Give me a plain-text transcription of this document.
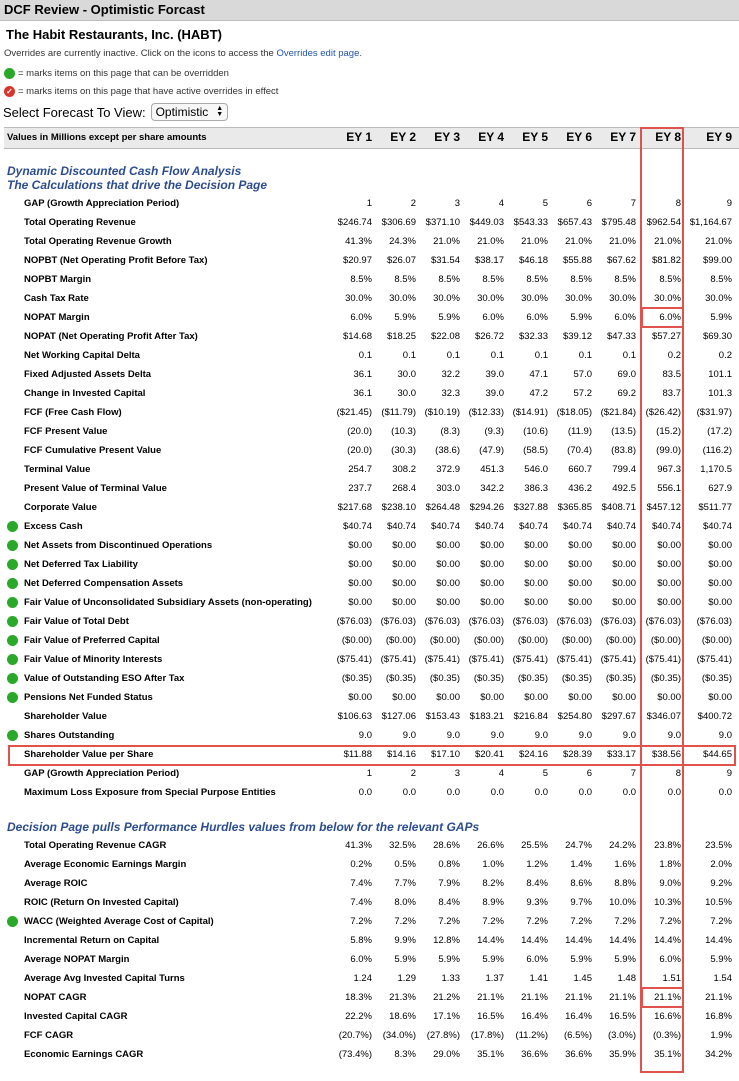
DCF Review - Optimistic Forcast
The Habit Restaurants, Inc. (HABT)
Overrides are currently inactive. Click on the icons to access the Overrides edit page.
= marks items on this page that can be overridden
✓ = marks items on this page that have active overrides in effect
Select Forecast To View: Optimistic ▲
▼
Values in Millions except per share amounts	EY 1	EY 2	EY 3	EY 4	EY 5	EY 6	EY 7	EY 8	EY 9
Dynamic Discounted Cash Flow Analysis
The Calculations that drive the Decision Page
Decision Page pulls Performance Hurdles values from below for the relevant GAPs
GAP (Growth Appreciation Period)	1	2	3	4	5	6	7	8	9
Total Operating Revenue	$246.74	$306.69	$371.10	$449.03	$543.33	$657.43	$795.48	$962.54 $1,164.67
Total Operating Revenue Growth	41.3%	24.3%	21.0%	21.0%	21.0%	21.0%	21.0%	21.0%	21.0%
NOPBT (Net Operating Profit Before Tax)	$20.97	$26.07	$31.54	$38.17	$46.18	$55.88	$67.62	$81.82	$99.00
NOPBT Margin	8.5%	8.5%	8.5%	8.5%	8.5%	8.5%	8.5%	8.5%	8.5%
Cash Tax Rate	30.0%	30.0%	30.0%	30.0%	30.0%	30.0%	30.0%	30.0%	30.0%
NOPAT Margin	6.0%	5.9%	5.9%	6.0%	6.0%	5.9%	6.0%	6.0%	5.9%
NOPAT (Net Operating Profit After Tax)	$14.68	$18.25	$22.08	$26.72	$32.33	$39.12	$47.33	$57.27	$69.30
Net Working Capital Delta	0.1	0.1	0.1	0.1	0.1	0.1	0.1	0.2	0.2
Fixed Adjusted Assets Delta	36.1	30.0	32.2	39.0	47.1	57.0	69.0	83.5	101.1
Change in Invested Capital	36.1	30.0	32.3	39.0	47.2	57.2	69.2	83.7	101.3
FCF (Free Cash Flow)	($21.45) ($11.79) ($10.19) ($12.33) ($14.91) ($18.05) ($21.84)	($26.42)	($31.97)
FCF Present Value	(20.0)	(10.3)	(8.3)	(9.3)	(10.6)	(11.9)	(13.5)	(15.2)	(17.2)
FCF Cumulative Present Value	(20.0)	(30.3)	(38.6)	(47.9)	(58.5)	(70.4)	(83.8)	(99.0)	(116.2)
Terminal Value	254.7	308.2	372.9	451.3	546.0	660.7	799.4	967.3	1,170.5
Present Value of Terminal Value	237.7	268.4	303.0	342.2	386.3	436.2	492.5	556.1	627.9
Corporate Value	$217.68	$238.10	$264.48	$294.26	$327.88	$365.85	$408.71	$457.12	$511.77
Excess Cash	$40.74	$40.74	$40.74	$40.74	$40.74	$40.74	$40.74	$40.74	$40.74
Net Assets from Discontinued Operations	$0.00	$0.00	$0.00	$0.00	$0.00	$0.00	$0.00	$0.00	$0.00
Net Deferred Tax Liability	$0.00	$0.00	$0.00	$0.00	$0.00	$0.00	$0.00	$0.00	$0.00
Net Deferred Compensation Assets	$0.00	$0.00	$0.00	$0.00	$0.00	$0.00	$0.00	$0.00	$0.00
Fair Value of Unconsolidated Subsidiary Assets (non-operating)	$0.00	$0.00	$0.00	$0.00	$0.00	$0.00	$0.00	$0.00	$0.00
Fair Value of Total Debt	($76.03) ($76.03) ($76.03) ($76.03) ($76.03) ($76.03) ($76.03)	($76.03)	($76.03)
Fair Value of Preferred Capital	($0.00)	($0.00)	($0.00)	($0.00)	($0.00)	($0.00)	($0.00)	($0.00)	($0.00)
Fair Value of Minority Interests	($75.41) ($75.41) ($75.41) ($75.41) ($75.41) ($75.41) ($75.41)	($75.41)	($75.41)
Value of Outstanding ESO After Tax	($0.35)	($0.35)	($0.35)	($0.35)	($0.35)	($0.35)	($0.35)	($0.35)	($0.35)
Pensions Net Funded Status	$0.00	$0.00	$0.00	$0.00	$0.00	$0.00	$0.00	$0.00	$0.00
Shareholder Value	$106.63	$127.06	$153.43	$183.21	$216.84	$254.80	$297.67	$346.07	$400.72
Shares Outstanding	9.0	9.0	9.0	9.0	9.0	9.0	9.0	9.0	9.0
Shareholder Value per Share	$11.88	$14.16	$17.10	$20.41	$24.16	$28.39	$33.17	$38.56	$44.65
GAP (Growth Appreciation Period)	1	2	3	4	5	6	7	8	9
Maximum Loss Exposure from Special Purpose Entities	0.0	0.0	0.0	0.0	0.0	0.0	0.0	0.0	0.0
Total Operating Revenue CAGR	41.3%	32.5%	28.6%	26.6%	25.5%	24.7%	24.2%	23.8%	23.5%
Average Economic Earnings Margin	0.2%	0.5%	0.8%	1.0%	1.2%	1.4%	1.6%	1.8%	2.0%
Average ROIC	7.4%	7.7%	7.9%	8.2%	8.4%	8.6%	8.8%	9.0%	9.2%
ROIC (Return On Invested Capital)	7.4%	8.0%	8.4%	8.9%	9.3%	9.7%	10.0%	10.3%	10.5%
WACC (Weighted Average Cost of Capital)	7.2%	7.2%	7.2%	7.2%	7.2%	7.2%	7.2%	7.2%	7.2%
Incremental Return on Capital	5.8%	9.9%	12.8%	14.4%	14.4%	14.4%	14.4%	14.4%	14.4%
Average NOPAT Margin	6.0%	5.9%	5.9%	5.9%	6.0%	5.9%	5.9%	6.0%	5.9%
Average Avg Invested Capital Turns	1.24	1.29	1.33	1.37	1.41	1.45	1.48	1.51	1.54
NOPAT CAGR	18.3%	21.3%	21.2%	21.1%	21.1%	21.1%	21.1%	21.1%	21.1%
Invested Capital CAGR	22.2%	18.6%	17.1%	16.5%	16.4%	16.4%	16.5%	16.6%	16.8%
FCF CAGR	(20.7%)	(34.0%)	(27.8%)	(17.8%)	(11.2%)	(6.5%)	(3.0%)	(0.3%)	1.9%
Economic Earnings CAGR	(73.4%)	8.3%	29.0%	35.1%	36.6%	36.6%	35.9%	35.1%	34.2%
